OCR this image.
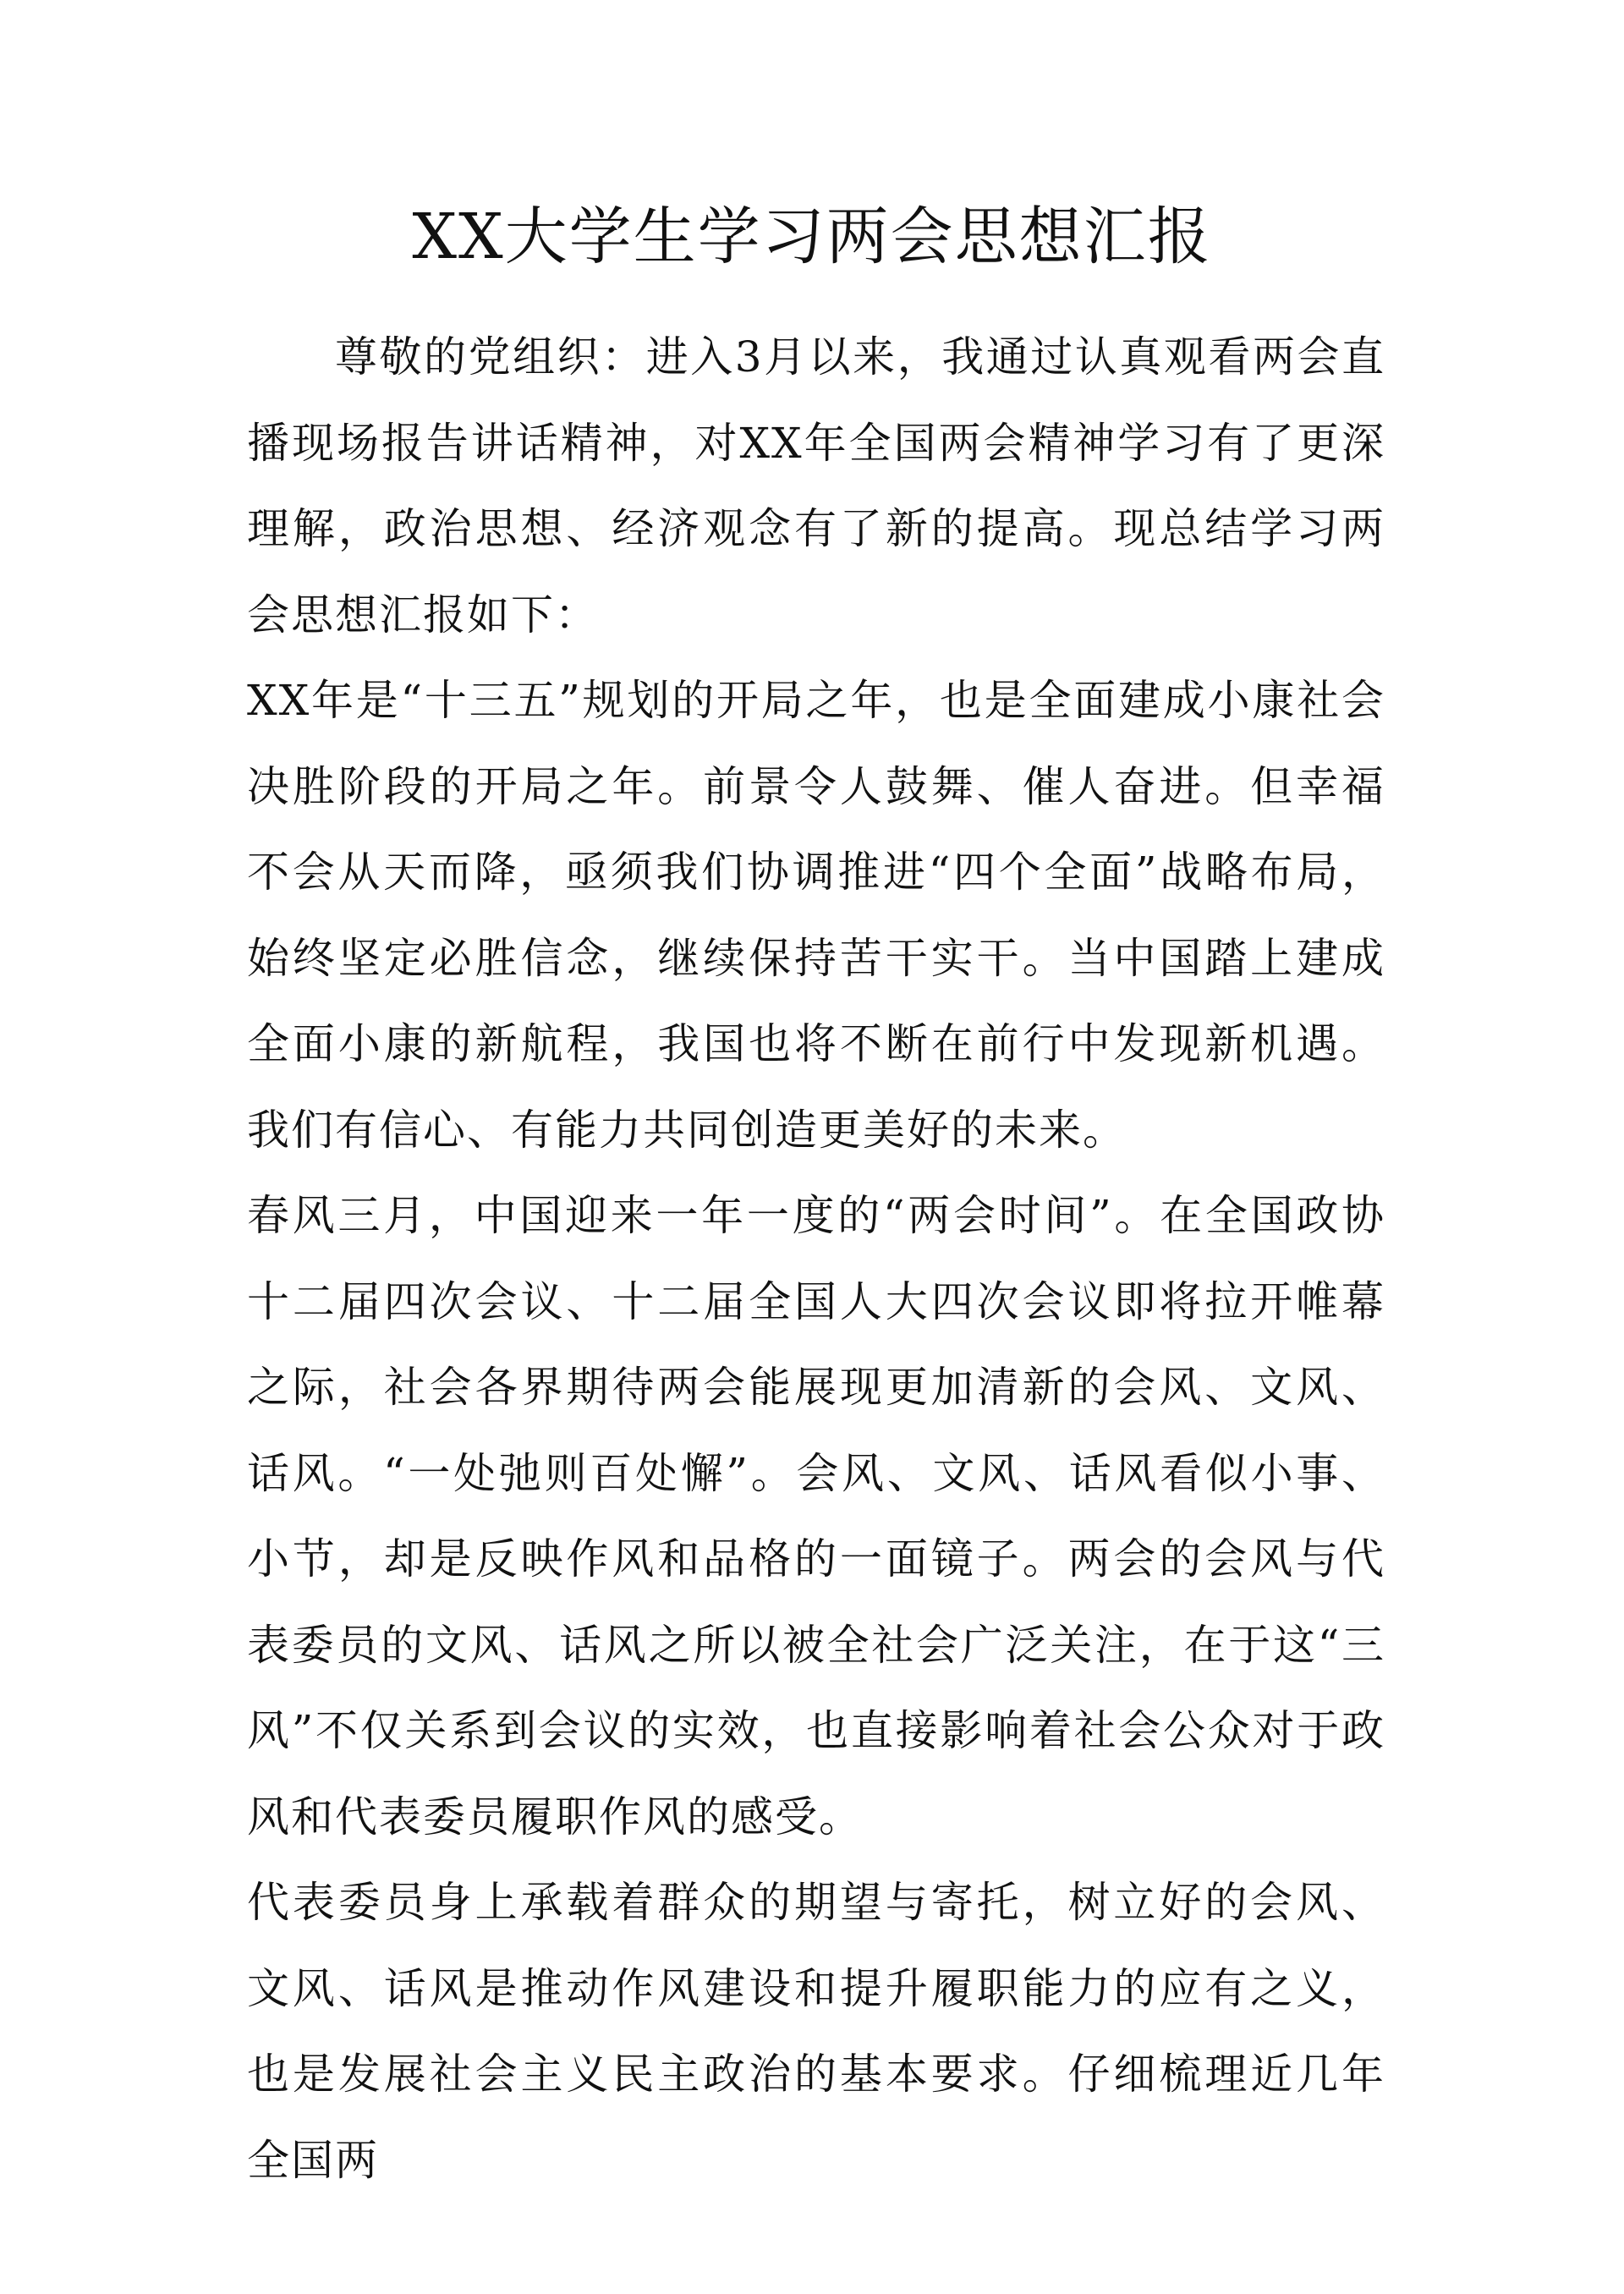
XX大学生学习两会思想汇报

尊敬的党组织：进入3月以来，我通过认真观看两会直播现场报告讲话精神，对XX年全国两会精神学习有了更深理解，政治思想、经济观念有了新的提高。现总结学习两会思想汇报如下：

XX年是“十三五”规划的开局之年，也是全面建成小康社会决胜阶段的开局之年。前景令人鼓舞、催人奋进。但幸福不会从天而降，亟须我们协调推进“四个全面”战略布局，始终坚定必胜信念，继续保持苦干实干。当中国踏上建成全面小康的新航程，我国也将不断在前行中发现新机遇。我们有信心、有能力共同创造更美好的未来。

春风三月，中国迎来一年一度的“两会时间”。在全国政协十二届四次会议、十二届全国人大四次会议即将拉开帷幕之际，社会各界期待两会能展现更加清新的会风、文风、话风。“一处弛则百处懈”。会风、文风、话风看似小事、小节，却是反映作风和品格的一面镜子。两会的会风与代表委员的文风、话风之所以被全社会广泛关注，在于这“三风”不仅关系到会议的实效，也直接影响着社会公众对于政风和代表委员履职作风的感受。

代表委员身上承载着群众的期望与寄托，树立好的会风、文风、话风是推动作风建设和提升履职能力的应有之义，也是发展社会主义民主政治的基本要求。仔细梳理近几年全国两
